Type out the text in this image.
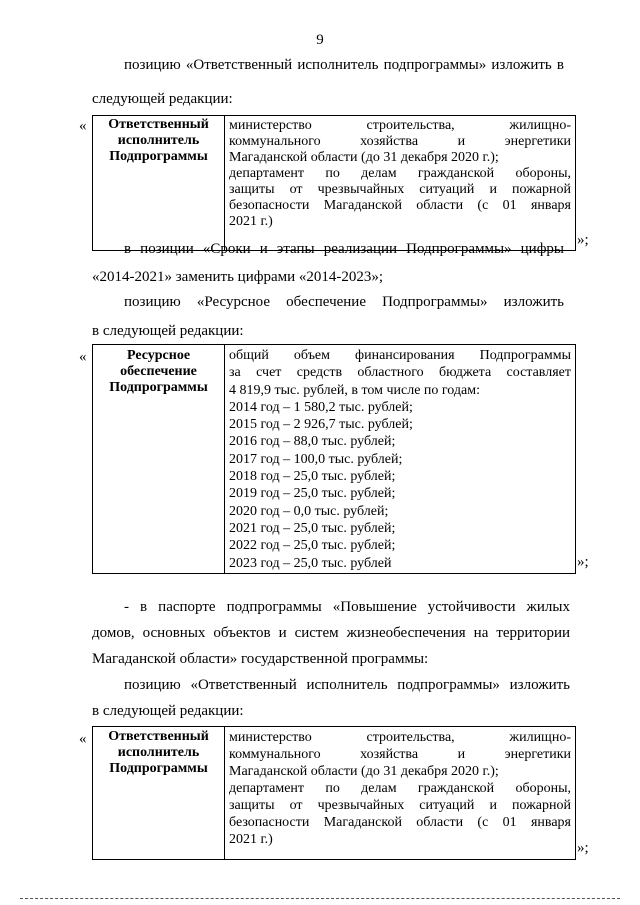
9
позицию «Ответственный исполнитель подпрограммы» изложить в
следующей редакции:
«	Ответственный исполнитель Подпрограммы
министерство строительства, жилищно-
коммунального хозяйства и энергетики
Магаданской области (до 31 декабря 2020 г.);
департамент по делам гражданской обороны,
защиты от чрезвычайных ситуаций и пожарной
безопасности Магаданской области (с 01 января
2021 г.)
»;
в позиции «Сроки и этапы реализации Подпрограммы» цифры
«2014-2021» заменить цифрами «2014-2023»;
позицию «Ресурсное обеспечение Подпрограммы» изложить
в следующей редакции:
«	Ресурсное обеспечение Подпрограммы
общий объем финансирования Подпрограммы
за счет средств областного бюджета составляет
4 819,9 тыс. рублей, в том числе по годам:
2014 год – 1 580,2 тыс. рублей;
2015 год – 2 926,7 тыс. рублей;
2016 год – 88,0 тыс. рублей;
2017 год – 100,0 тыс. рублей;
2018 год – 25,0 тыс. рублей;
2019 год – 25,0 тыс. рублей;
2020 год – 0,0 тыс. рублей;
2021 год – 25,0 тыс. рублей;
2022 год – 25,0 тыс. рублей;
2023 год – 25,0 тыс. рублей	»;
- в паспорте подпрограммы «Повышение устойчивости жилых
домов, основных объектов и систем жизнеобеспечения на территории
Магаданской области» государственной программы:
позицию «Ответственный исполнитель подпрограммы» изложить
в следующей редакции:
«	Ответственный исполнитель Подпрограммы
министерство строительства, жилищно-
коммунального хозяйства и энергетики
Магаданской области (до 31 декабря 2020 г.);
департамент по делам гражданской обороны,
защиты от чрезвычайных ситуаций и пожарной
безопасности Магаданской области (с 01 января
2021 г.)
»;
